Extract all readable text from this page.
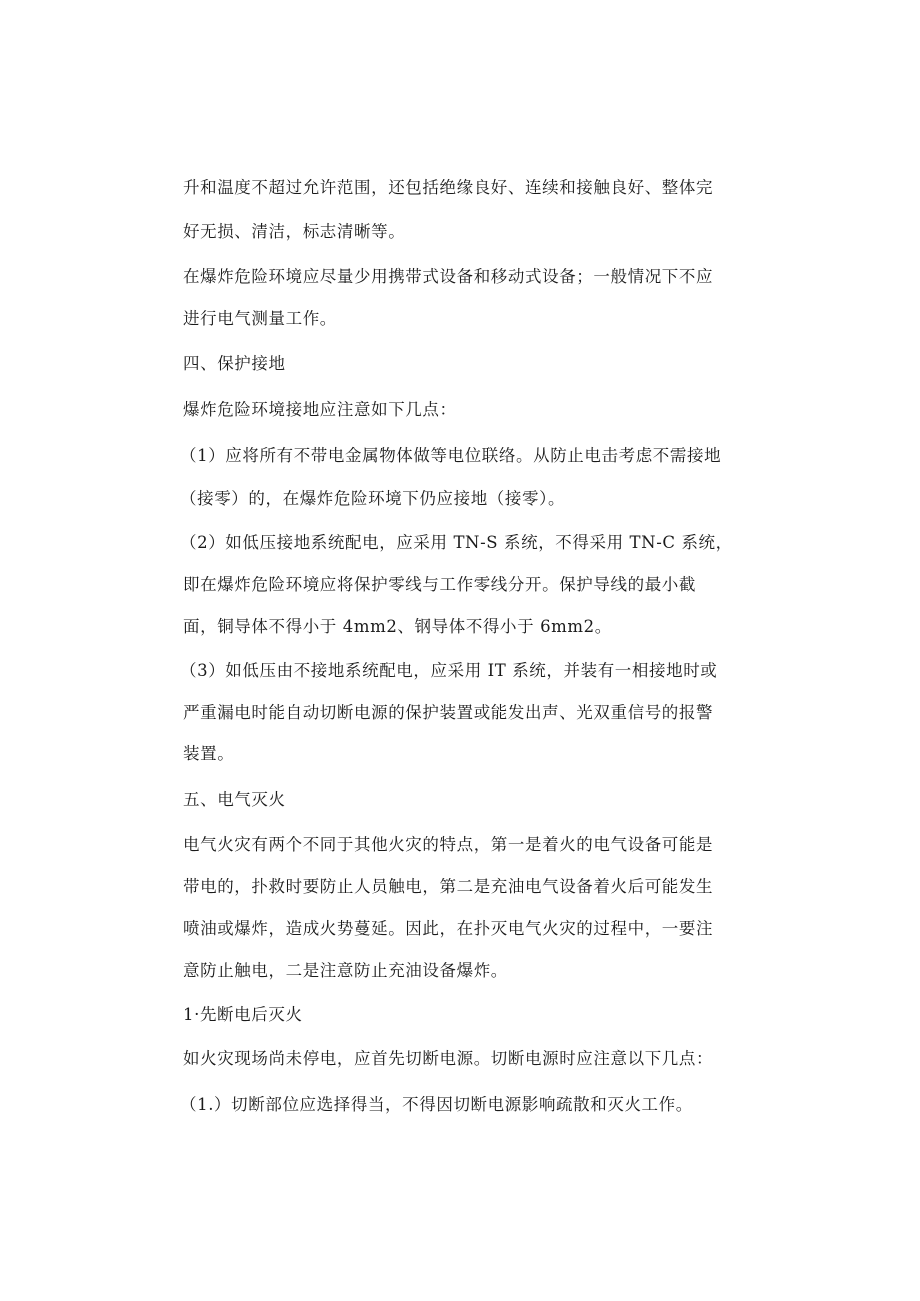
升和温度不超过允许范围，还包括绝缘良好、连续和接触良好、整体完
好无损、清洁，标志清晰等。
在爆炸危险环境应尽量少用携带式设备和移动式设备；一般情况下不应
进行电气测量工作。
四、保护接地
爆炸危险环境接地应注意如下几点：
（1）应将所有不带电金属物体做等电位联络。从防止电击考虑不需接地
（接零）的，在爆炸危险环境下仍应接地（接零）。
（2）如低压接地系统配电，应采用 TN-S 系统，不得采用 TN-C 系统，
即在爆炸危险环境应将保护零线与工作零线分开。保护导线的最小截
面，铜导体不得小于 4mm2、钢导体不得小于 6mm2。
（3）如低压由不接地系统配电，应采用 IT 系统，并装有一相接地时或
严重漏电时能自动切断电源的保护装置或能发出声、光双重信号的报警
装置。
五、电气灭火
电气火灾有两个不同于其他火灾的特点，第一是着火的电气设备可能是
带电的，扑救时要防止人员触电，第二是充油电气设备着火后可能发生
喷油或爆炸，造成火势蔓延。因此，在扑灭电气火灾的过程中，一要注
意防止触电，二是注意防止充油设备爆炸。
1·先断电后灭火
如火灾现场尚未停电，应首先切断电源。切断电源时应注意以下几点：
（1.）切断部位应选择得当，不得因切断电源影响疏散和灭火工作。
